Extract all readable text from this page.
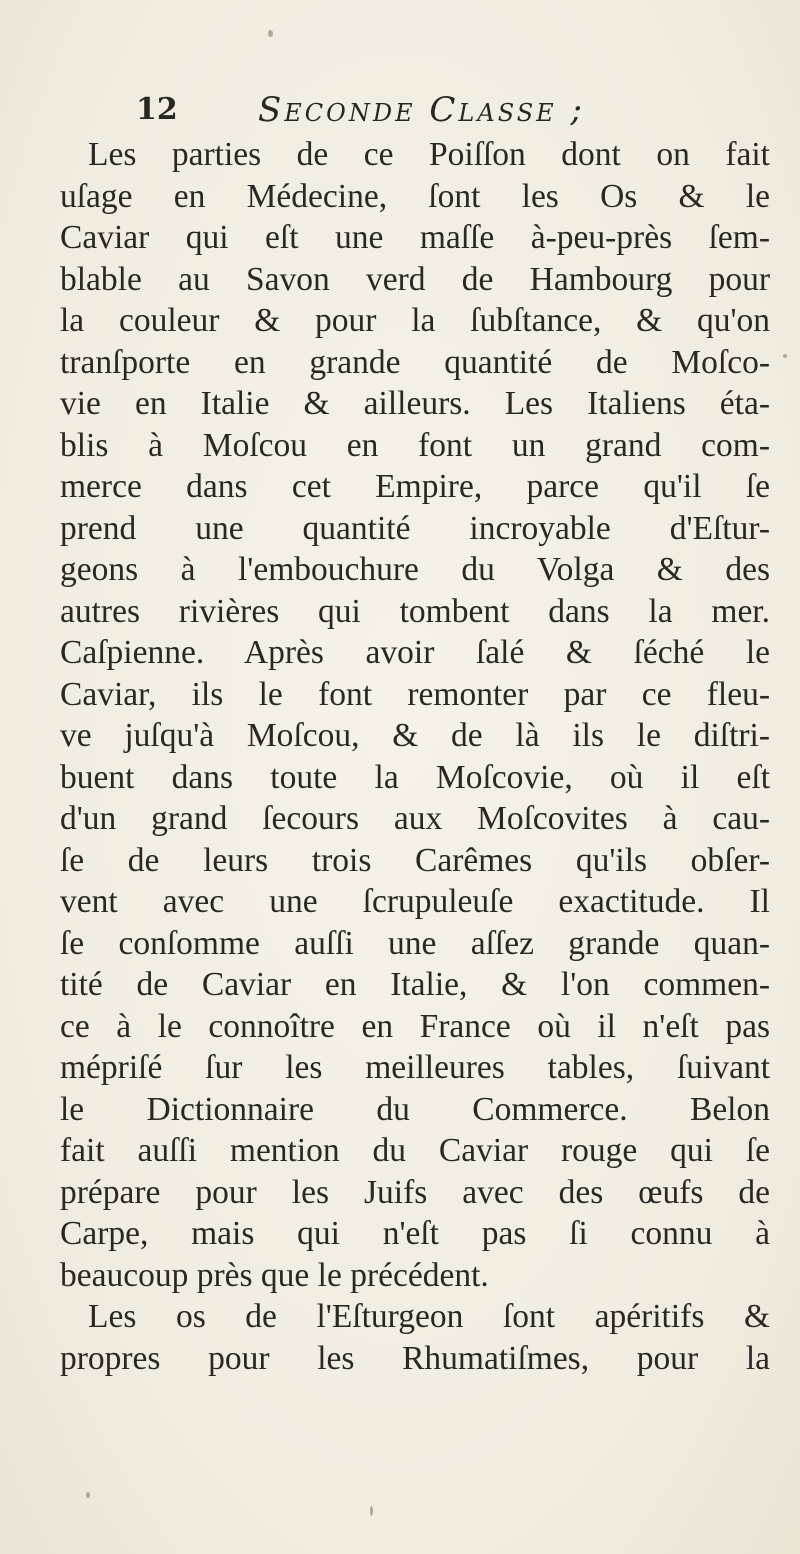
12 Seconde Classe ;
Les parties de ce Poiſſon dont on fait
uſage en Médecine, ſont les Os & le
Caviar qui eſt une maſſe à-peu-près ſem-
blable au Savon verd de Hambourg pour
la couleur & pour la ſubſtance, & qu'on
tranſporte en grande quantité de Moſco-
vie en Italie & ailleurs. Les Italiens éta-
blis à Moſcou en font un grand com-
merce dans cet Empire, parce qu'il ſe
prend une quantité incroyable d'Eſtur-
geons à l'embouchure du Volga & des
autres rivières qui tombent dans la mer.
Caſpienne. Après avoir ſalé & ſéché le
Caviar, ils le font remonter par ce fleu-
ve juſqu'à Moſcou, & de là ils le diſtri-
buent dans toute la Moſcovie, où il eſt
d'un grand ſecours aux Moſcovites à cau-
ſe de leurs trois Carêmes qu'ils obſer-
vent avec une ſcrupuleuſe exactitude. Il
ſe conſomme auſſi une aſſez grande quan-
tité de Caviar en Italie, & l'on commen-
ce à le connoître en France où il n'eſt pas
mépriſé ſur les meilleures tables, ſuivant
le Dictionnaire du Commerce. Belon
fait auſſi mention du Caviar rouge qui ſe
prépare pour les Juifs avec des œufs de
Carpe, mais qui n'eſt pas ſi connu à
beaucoup près que le précédent.
Les os de l'Eſturgeon ſont apéritifs &
propres pour les Rhumatiſmes, pour la
